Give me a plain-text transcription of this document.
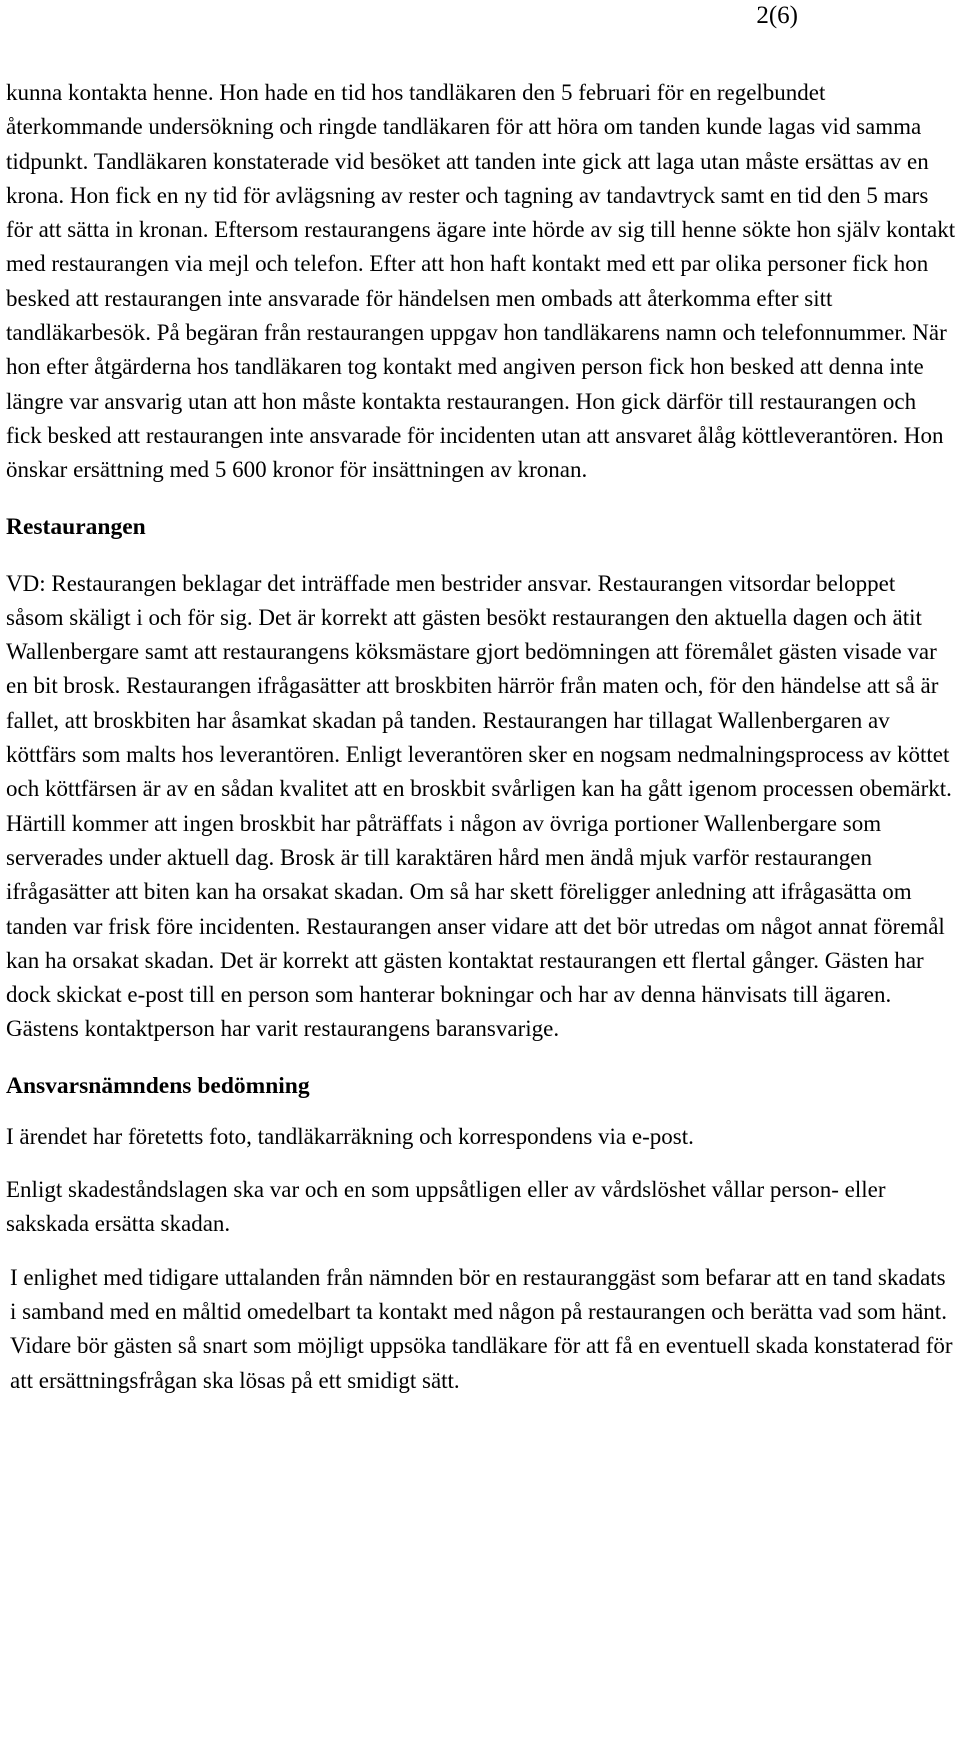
2(6)

kunna kontakta henne. Hon hade en tid hos tandläkaren den 5 februari för en regelbundet återkommande undersökning och ringde tandläkaren för att höra om tanden kunde lagas vid samma tidpunkt. Tandläkaren konstaterade vid besöket att tanden inte gick att laga utan måste ersättas av en krona. Hon fick en ny tid för avlägsning av rester och tagning av tandavtryck samt en tid den 5 mars för att sätta in kronan. Eftersom restaurangens ägare inte hörde av sig till henne sökte hon själv kontakt med restaurangen via mejl och telefon. Efter att hon haft kontakt med ett par olika personer fick hon besked att restaurangen inte ansvarade för händelsen men ombads att återkomma efter sitt tandläkarbesök. På begäran från restaurangen uppgav hon tandläkarens namn och telefonnummer. När hon efter åtgärderna hos tandläkaren tog kontakt med angiven person fick hon besked att denna inte längre var ansvarig utan att hon måste kontakta restaurangen. Hon gick därför till restaurangen och fick besked att restaurangen inte ansvarade för incidenten utan att ansvaret ålåg köttleverantören. Hon önskar ersättning med 5 600 kronor för insättningen av kronan.

Restaurangen

VD: Restaurangen beklagar det inträffade men bestrider ansvar. Restaurangen vitsordar beloppet såsom skäligt i och för sig. Det är korrekt att gästen besökt restaurangen den aktuella dagen och ätit Wallenbergare samt att restaurangens köksmästare gjort bedömningen att föremålet gästen visade var en bit brosk. Restaurangen ifrågasätter att broskbiten härrör från maten och, för den händelse att så är fallet, att broskbiten har åsamkat skadan på tanden. Restaurangen har tillagat Wallenbergaren av köttfärs som malts hos leverantören. Enligt leverantören sker en nogsam nedmalningsprocess av köttet och köttfärsen är av en sådan kvalitet att en broskbit svårligen kan ha gått igenom processen obemärkt. Härtill kommer att ingen broskbit har påträffats i någon av övriga portioner Wallenbergare som serverades under aktuell dag. Brosk är till karaktären hård men ändå mjuk varför restaurangen ifrågasätter att biten kan ha orsakat skadan. Om så har skett föreligger anledning att ifrågasätta om tanden var frisk före incidenten. Restaurangen anser vidare att det bör utredas om något annat föremål kan ha orsakat skadan. Det är korrekt att gästen kontaktat restaurangen ett flertal gånger. Gästen har dock skickat e-post till en person som hanterar bokningar och har av denna hänvisats till ägaren. Gästens kontaktperson har varit restaurangens baransvarige.

Ansvarsnämndens bedömning

I ärendet har företetts foto, tandläkarräkning och korrespondens via e-post.

Enligt skadeståndslagen ska var och en som uppsåtligen eller av vårdslöshet vållar person- eller sakskada ersätta skadan.

I enlighet med tidigare uttalanden från nämnden bör en restauranggäst som befarar att en tand skadats i samband med en måltid omedelbart ta kontakt med någon på restaurangen och berätta vad som hänt. Vidare bör gästen så snart som möjligt uppsöka tandläkare för att få en eventuell skada konstaterad för att ersättningsfrågan ska lösas på ett smidigt sätt.
